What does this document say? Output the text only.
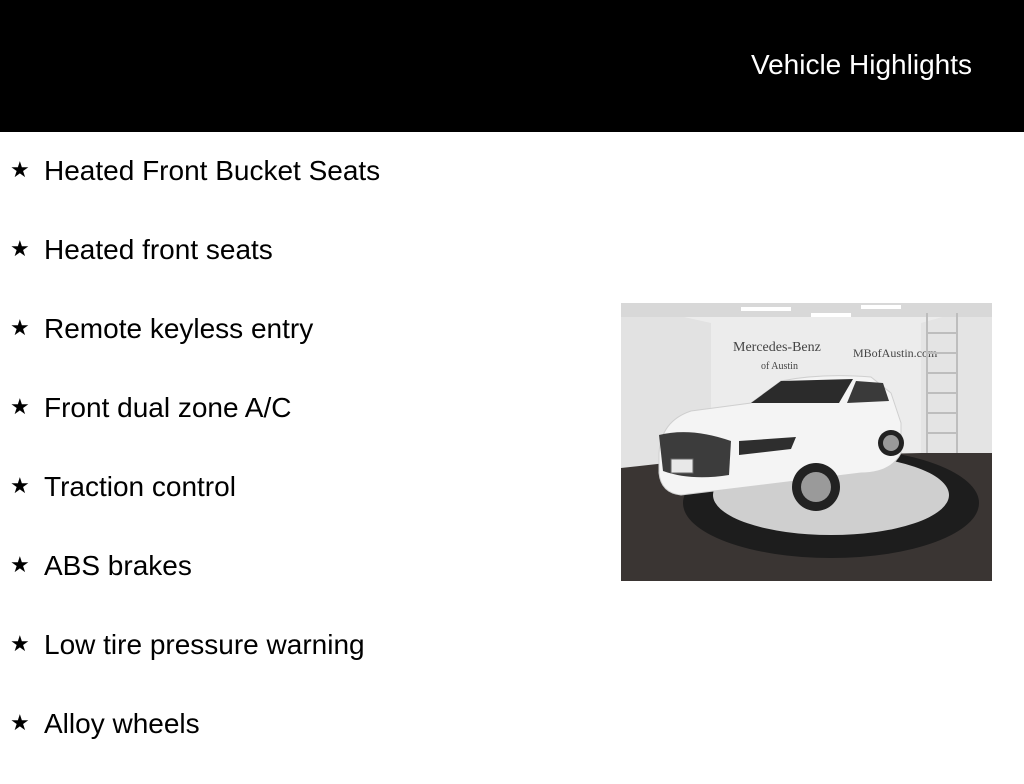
Vehicle Highlights
★ Heated Front Bucket Seats
★ Heated front seats
★ Remote keyless entry
★ Front dual zone A/C
★ Traction control
★ ABS brakes
★ Low tire pressure warning
★ Alloy wheels
Mercedes-Benz
of Austin
MBofAustin.com
